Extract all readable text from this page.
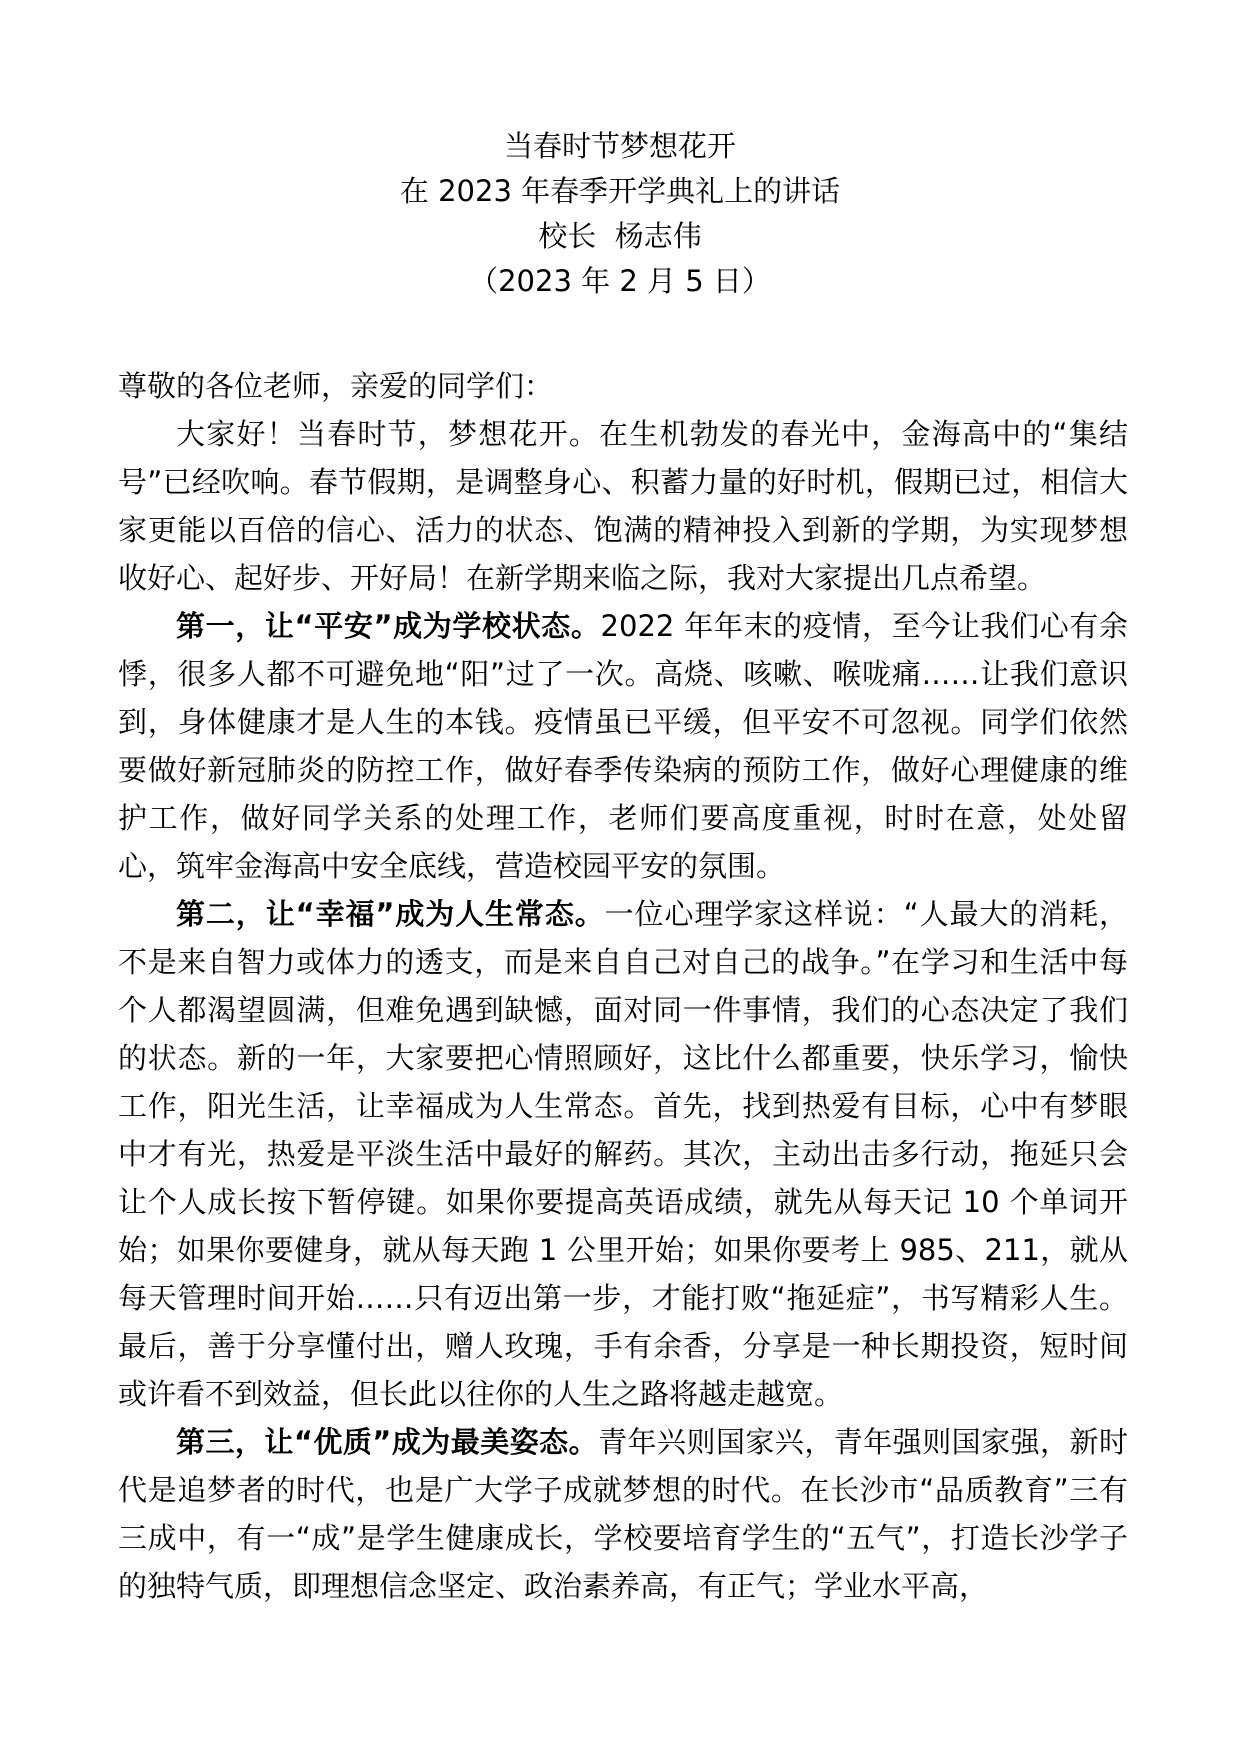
当春时节梦想花开
在 2023 年春季开学典礼上的讲话
校长  杨志伟
（2023 年 2 月 5 日）

尊敬的各位老师，亲爱的同学们：

大家好！当春时节，梦想花开。在生机勃发的春光中，金海高中的“集结号”已经吹响。春节假期，是调整身心、积蓄力量的好时机，假期已过，相信大家更能以百倍的信心、活力的状态、饱满的精神投入到新的学期，为实现梦想收好心、起好步、开好局！在新学期来临之际，我对大家提出几点希望。

第一，让“平安”成为学校状态。2022 年年末的疫情，至今让我们心有余悸，很多人都不可避免地“阳”过了一次。高烧、咳嗽、喉咙痛……让我们意识到，身体健康才是人生的本钱。疫情虽已平缓，但平安不可忽视。同学们依然要做好新冠肺炎的防控工作，做好春季传染病的预防工作，做好心理健康的维护工作，做好同学关系的处理工作，老师们要高度重视，时时在意，处处留心，筑牢金海高中安全底线，营造校园平安的氛围。

第二，让“幸福”成为人生常态。一位心理学家这样说：“人最大的消耗，不是来自智力或体力的透支，而是来自自己对自己的战争。”在学习和生活中每个人都渴望圆满，但难免遇到缺憾，面对同一件事情，我们的心态决定了我们的状态。新的一年，大家要把心情照顾好，这比什么都重要，快乐学习，愉快工作，阳光生活，让幸福成为人生常态。首先，找到热爱有目标，心中有梦眼中才有光，热爱是平淡生活中最好的解药。其次，主动出击多行动，拖延只会让个人成长按下暂停键。如果你要提高英语成绩，就先从每天记 10 个单词开始；如果你要健身，就从每天跑 1 公里开始；如果你要考上 985、211，就从每天管理时间开始……只有迈出第一步，才能打败“拖延症”，书写精彩人生。最后，善于分享懂付出，赠人玫瑰，手有余香，分享是一种长期投资，短时间或许看不到效益，但长此以往你的人生之路将越走越宽。

第三，让“优质”成为最美姿态。青年兴则国家兴，青年强则国家强，新时代是追梦者的时代，也是广大学子成就梦想的时代。在长沙市“品质教育”三有三成中，有一“成”是学生健康成长，学校要培育学生的“五气”，打造长沙学子的独特气质，即理想信念坚定、政治素养高，有正气；学业水平高，
